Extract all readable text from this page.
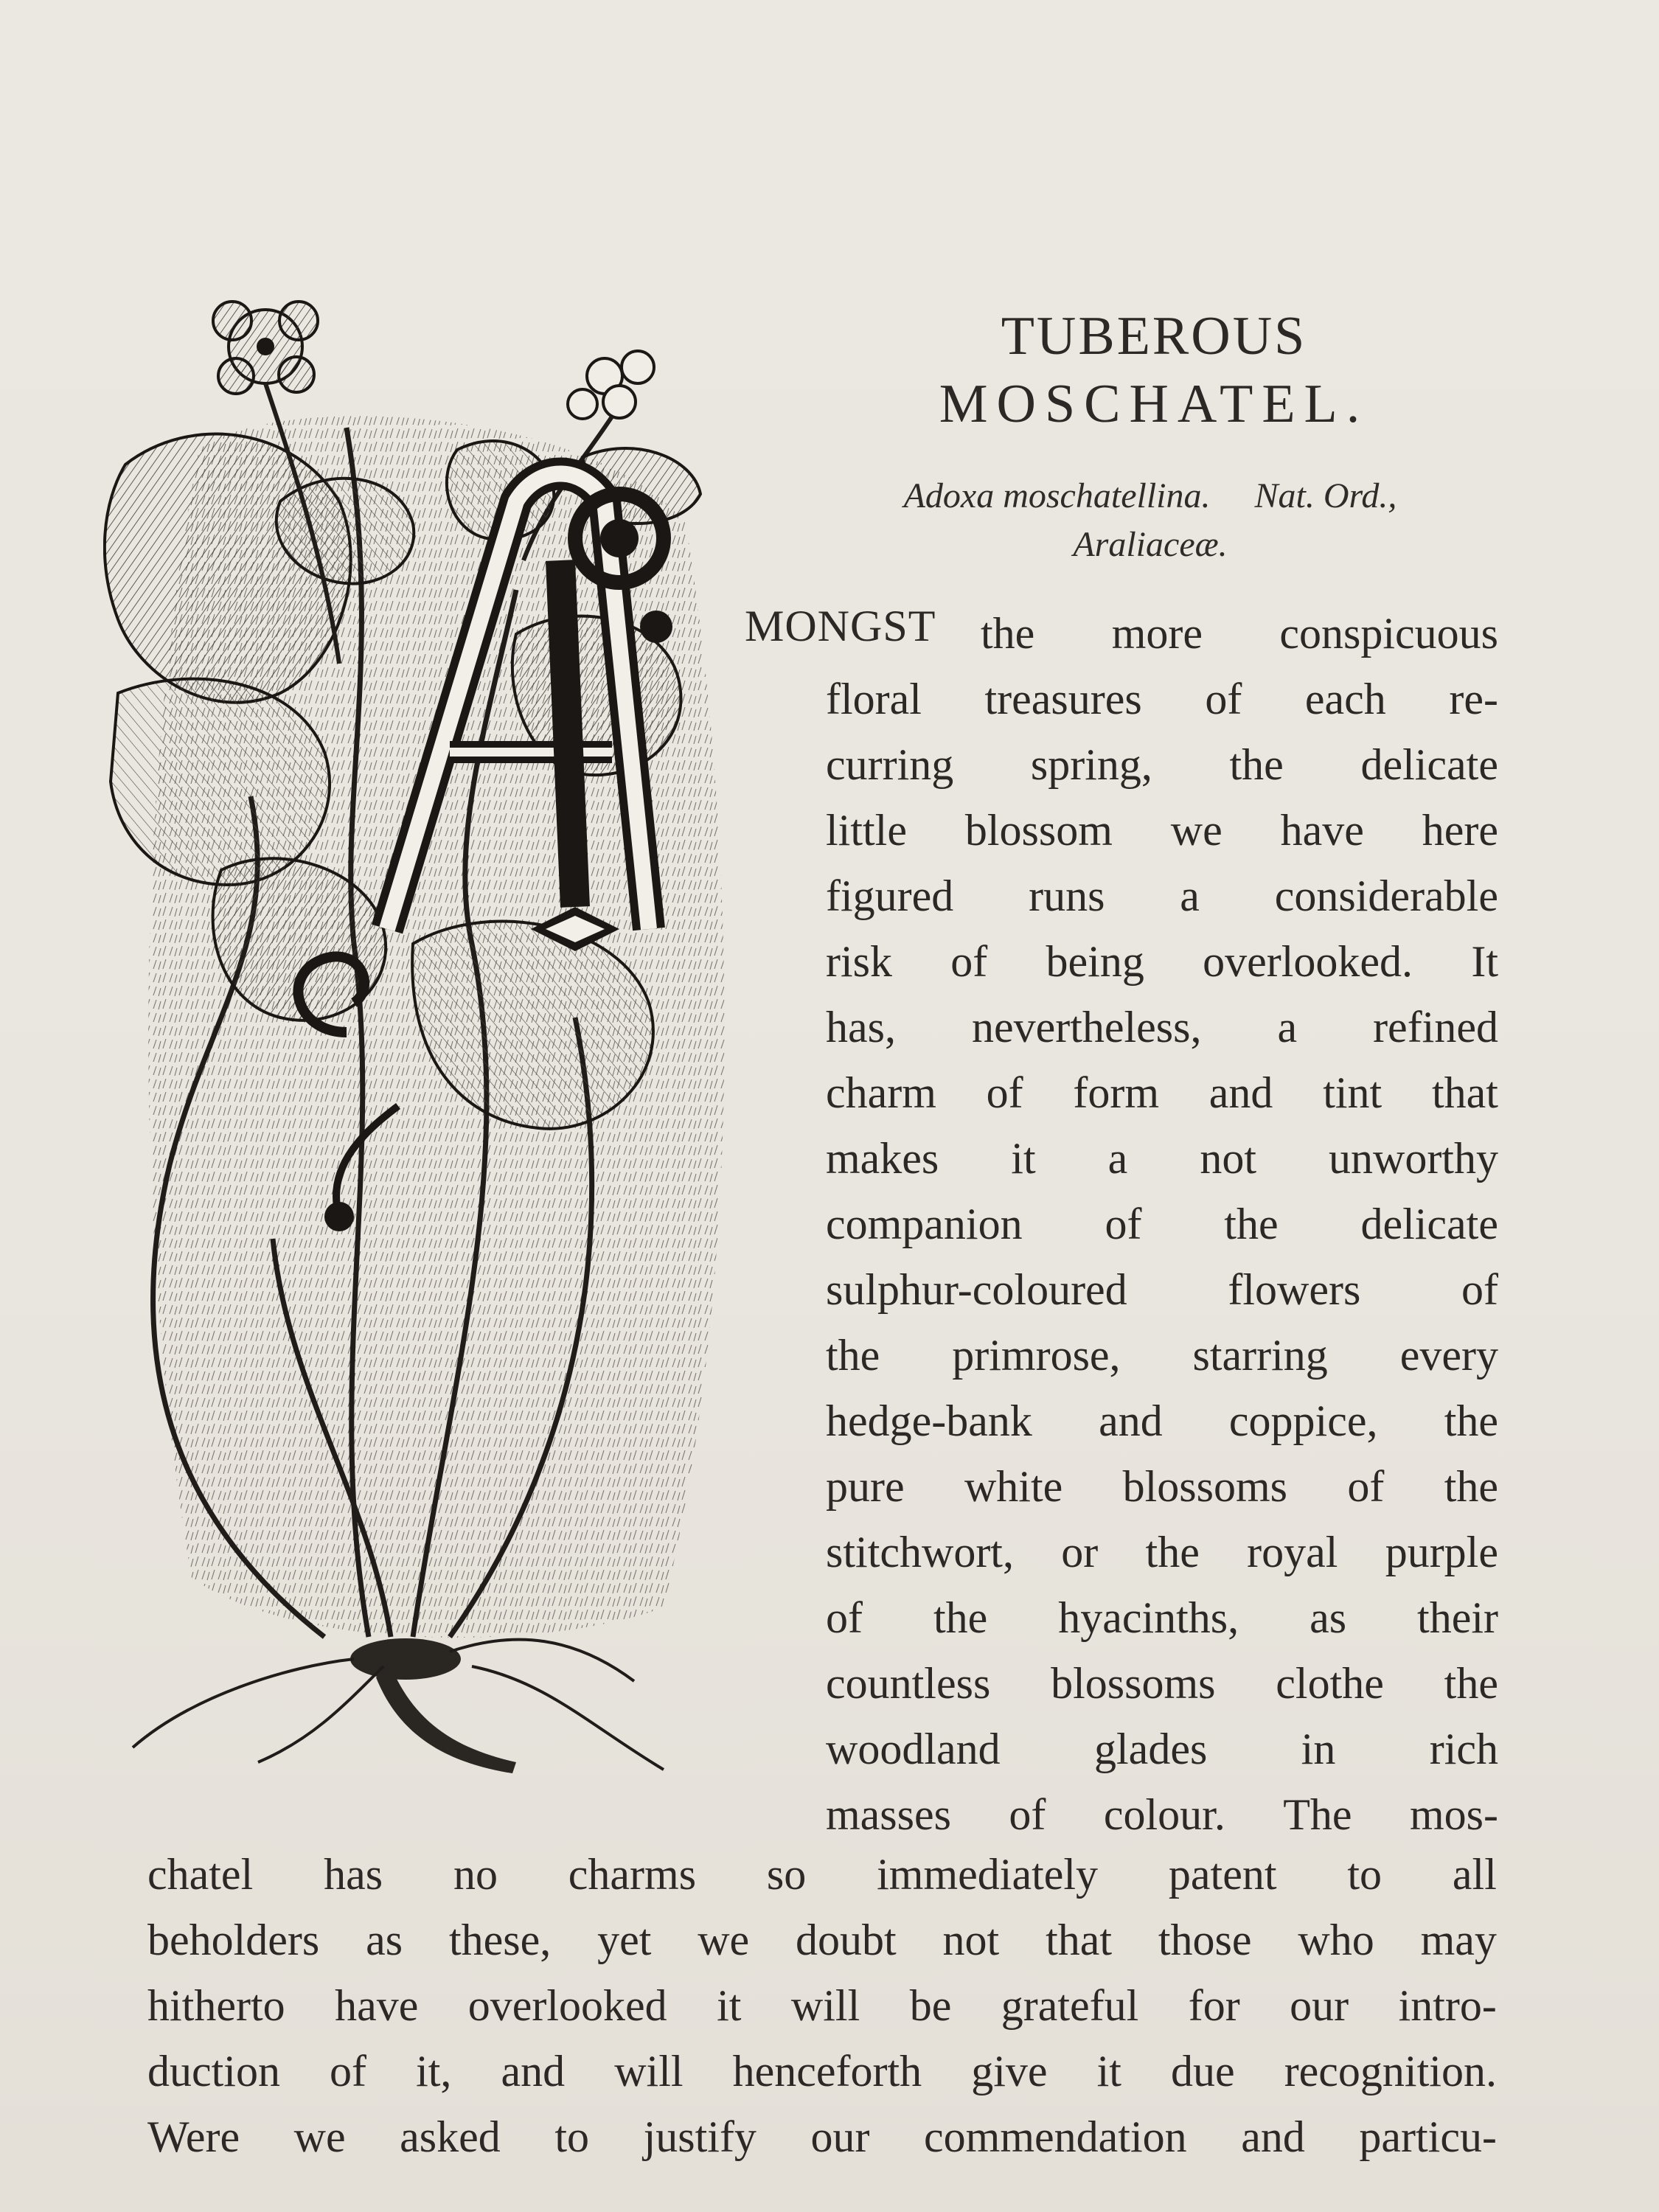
TUBEROUS
MOSCHATEL.
Adoxa moschatellina. Nat. Ord.,
Araliaceæ.
MONGST the more conspicuous
floral treasures of each re-
curring spring, the delicate
little blossom we have here
figured runs a considerable
risk of being overlooked. It
has, nevertheless, a refined
charm of form and tint that
makes it a not unworthy
companion of the delicate
sulphur-coloured flowers of
the primrose, starring every
hedge-bank and coppice, the
pure white blossoms of the
stitchwort, or the royal purple
of the hyacinths, as their
countless blossoms clothe the
woodland glades in rich
masses of colour. The mos-
chatel has no charms so immediately patent to all
beholders as these, yet we doubt not that those who may
hitherto have overlooked it will be grateful for our intro-
duction of it, and will henceforth give it due recognition.
Were we asked to justify our commendation and particu-
